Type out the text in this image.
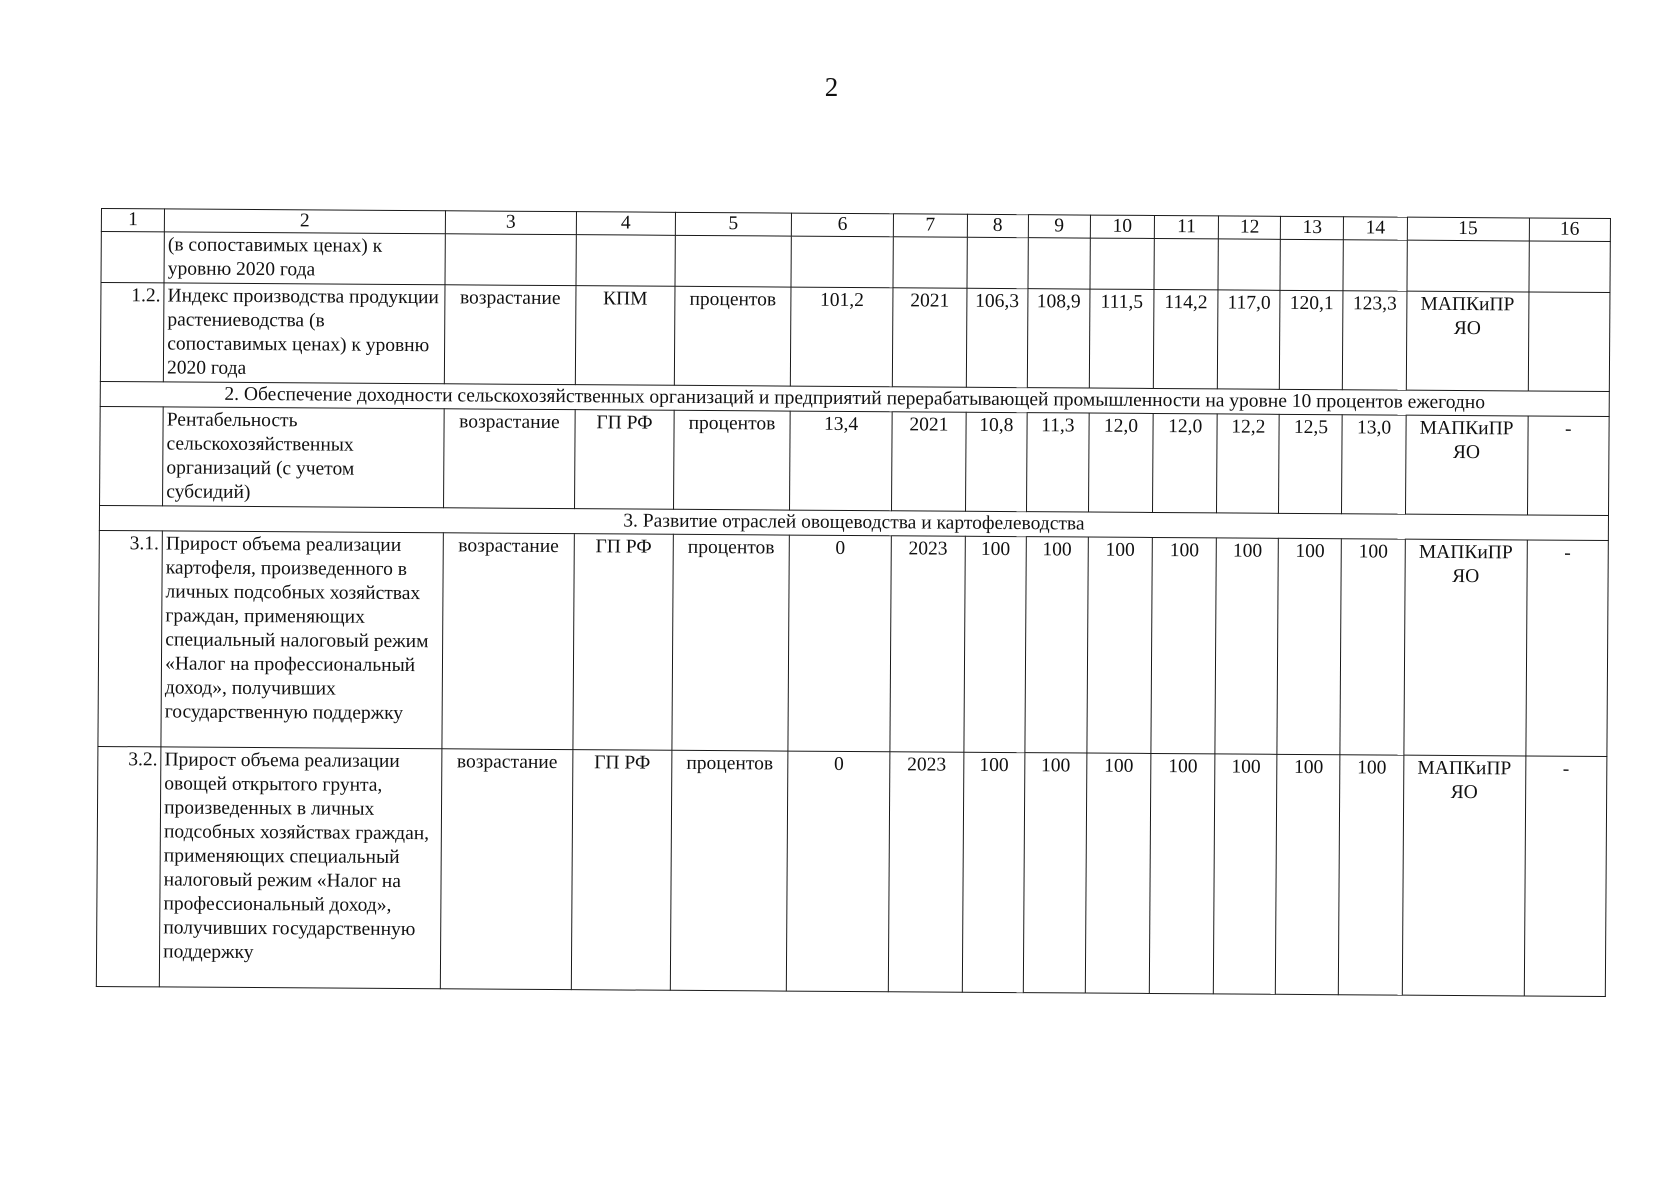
2
1	2	3	4	5	6	7	8	9	10	11	12	13	14	15	16
	(в сопоставимых ценах) к уровню 2020 года														
1.2.	Индекс производства продукции растениеводства (в сопоставимых ценах) к уровню 2020 года	возрастание	КПМ	процентов	101,2	2021	106,3	108,9	111,5	114,2	117,0	120,1	123,3	МАПКиПР ЯО	
2. Обеспечение доходности сельскохозяйственных организаций и предприятий перерабатывающей промышленности на уровне 10 процентов ежегодно															
	Рентабельность сельскохозяйственных организаций (с учетом субсидий)	возрастание	ГП РФ	процентов	13,4	2021	10,8	11,3	12,0	12,0	12,2	12,5	13,0	МАПКиПР ЯО	-
3. Развитие отраслей овощеводства и картофелеводства															
3.1.	Прирост объема реализации картофеля, произведенного в личных подсобных хозяйствах граждан, применяющих специальный налоговый режим «Налог на профессиональный доход», получивших государственную поддержку	возрастание	ГП РФ	процентов	0	2023	100	100	100	100	100	100	100	МАПКиПР ЯО	-
3.2.	Прирост объема реализации овощей открытого грунта, произведенных в личных подсобных хозяйствах граждан, применяющих специальный налоговый режим «Налог на профессиональный доход», получивших государственную поддержку	возрастание	ГП РФ	процентов	0	2023	100	100	100	100	100	100	100	МАПКиПР ЯО	-
